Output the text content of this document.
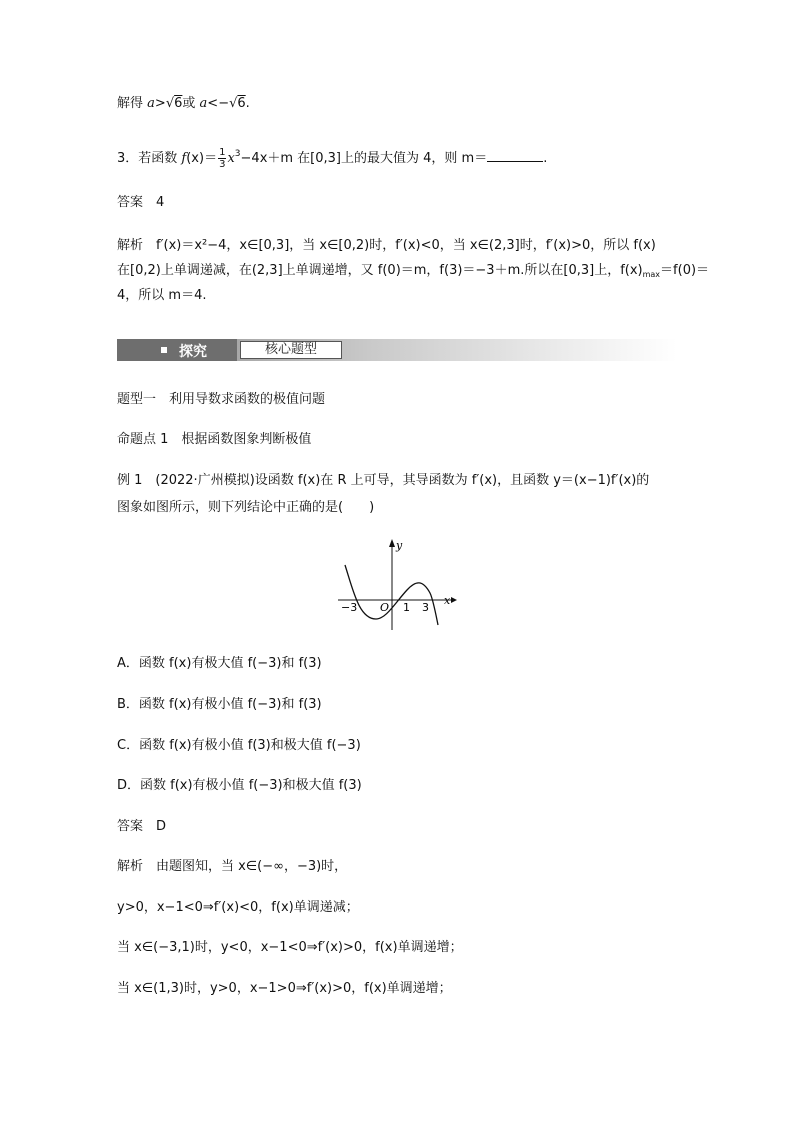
解得 a>√6或 a<−√6.
3．若函数 $f(x)= \frac{1}{3} x^3-4x+m$ 在[0,3]上的最大值为 4，则 m＝	.
答案　4
解析　f′(x)＝x²−4，x∈[0,3]，当 x∈[0,2)时，f′(x)<0，当 x∈(2,3]时，f′(x)>0，所以 f(x)
在[0,2)上单调递减，在(2,3]上单调递增，又 f(0)＝m，f(3)＝−3＋m.所以在[0,3]上，$f(x)_{max}=f(0)=$
4，所以 m＝4.
探究	核心题型
题型一　利用导数求函数的极值问题
命题点 1　根据函数图象判断极值
例 1　(2022·广州模拟)设函数 f(x)在 R 上可导，其导函数为 f′(x)，且函数 y＝(x−1)f′(x)的
图象如图所示，则下列结论中正确的是(　　)
y
x
O
−3	1 3
A．函数 f(x)有极大值 f(−3)和 f(3)
B．函数 f(x)有极小值 f(−3)和 f(3)
C．函数 f(x)有极小值 f(3)和极大值 f(−3)
D．函数 f(x)有极小值 f(−3)和极大值 f(3)
答案　D
解析　由题图知，当 x∈(−∞，−3)时，
y>0，x−1<0⇒f′(x)<0，f(x)单调递减；
当 x∈(−3,1)时，y<0，x−1<0⇒f′(x)>0，f(x)单调递增；
当 x∈(1,3)时，y>0，x−1>0⇒f′(x)>0，f(x)单调递增；
